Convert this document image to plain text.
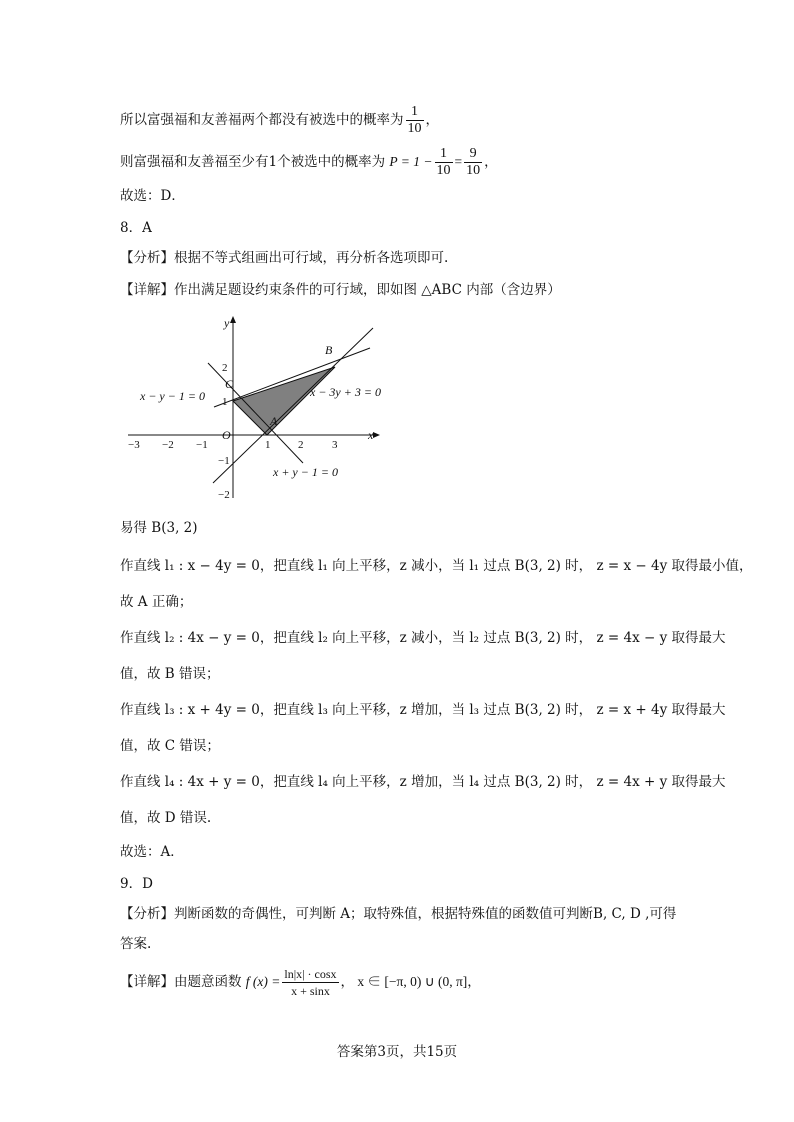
所以富强福和友善福两个都没有被选中的概率为 $\frac{1}{10}$ ，
则富强福和友善福至少有1个被选中的概率为 $P = 1 - \frac{1}{10} = \frac{9}{10}$ ，
故选：D．
8．A
【分析】根据不等式组画出可行域，再分析各选项即可.
【详解】作出满足题设约束条件的可行域，即如图 △ABC 内部（含边界）
−3 −2 −1	1	2	3
2
1
−1
−2
x
y
O
A
B
C
x − y − 1 = 0	x − 3y + 3 = 0
x + y − 1 = 0
易得 B(3, 2)
作直线 l₁ : x − 4y = 0，把直线 l₁ 向上平移，z 减小，当 l₁ 过点 B(3, 2) 时， z = x − 4y 取得最小值，
故 A 正确；
作直线 l₂ : 4x − y = 0，把直线 l₂ 向上平移，z 减小，当 l₂ 过点 B(3, 2) 时， z = 4x − y 取得最大
值，故 B 错误；
作直线 l₃ : x + 4y = 0，把直线 l₃ 向上平移，z 增加，当 l₃ 过点 B(3, 2) 时， z = x + 4y 取得最大
值，故 C 错误；
作直线 l₄ : 4x + y = 0，把直线 l₄ 向上平移，z 增加，当 l₄ 过点 B(3, 2) 时， z = 4x + y 取得最大
值，故 D 错误.
故选：A．
9．D
【分析】判断函数的奇偶性，可判断 A；取特殊值，根据特殊值的函数值可判断B, C, D ,可得
答案.
【详解】由题意函数 f $(x) = \frac{\ln|x| \cdot \cos x}{x + \sin x}$ ， x ∈ [−π, 0) ∪ (0, π]，
答案第3页，共15页
